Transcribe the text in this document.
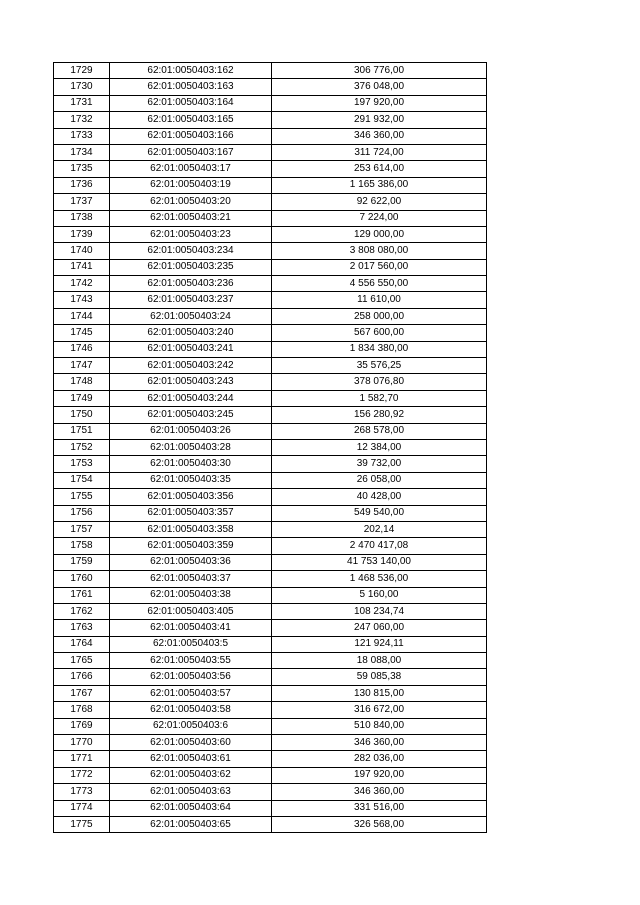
1729	62:01:0050403:162	306 776,00
1730	62:01:0050403:163	376 048,00
1731	62:01:0050403:164	197 920,00
1732	62:01:0050403:165	291 932,00
1733	62:01:0050403:166	346 360,00
1734	62:01:0050403:167	311 724,00
1735	62:01:0050403:17	253 614,00
1736	62:01:0050403:19	1 165 386,00
1737	62:01:0050403:20	92 622,00
1738	62:01:0050403:21	7 224,00
1739	62:01:0050403:23	129 000,00
1740	62:01:0050403:234	3 808 080,00
1741	62:01:0050403:235	2 017 560,00
1742	62:01:0050403:236	4 556 550,00
1743	62:01:0050403:237	11 610,00
1744	62:01:0050403:24	258 000,00
1745	62:01:0050403:240	567 600,00
1746	62:01:0050403:241	1 834 380,00
1747	62:01:0050403:242	35 576,25
1748	62:01:0050403:243	378 076,80
1749	62:01:0050403:244	1 582,70
1750	62:01:0050403:245	156 280,92
1751	62:01:0050403:26	268 578,00
1752	62:01:0050403:28	12 384,00
1753	62:01:0050403:30	39 732,00
1754	62:01:0050403:35	26 058,00
1755	62:01:0050403:356	40 428,00
1756	62:01:0050403:357	549 540,00
1757	62:01:0050403:358	202,14
1758	62:01:0050403:359	2 470 417,08
1759	62:01:0050403:36	41 753 140,00
1760	62:01:0050403:37	1 468 536,00
1761	62:01:0050403:38	5 160,00
1762	62:01:0050403:405	108 234,74
1763	62:01:0050403:41	247 060,00
1764	62:01:0050403:5	121 924,11
1765	62:01:0050403:55	18 088,00
1766	62:01:0050403:56	59 085,38
1767	62:01:0050403:57	130 815,00
1768	62:01:0050403:58	316 672,00
1769	62:01:0050403:6	510 840,00
1770	62:01:0050403:60	346 360,00
1771	62:01:0050403:61	282 036,00
1772	62:01:0050403:62	197 920,00
1773	62:01:0050403:63	346 360,00
1774	62:01:0050403:64	331 516,00
1775	62:01:0050403:65	326 568,00
